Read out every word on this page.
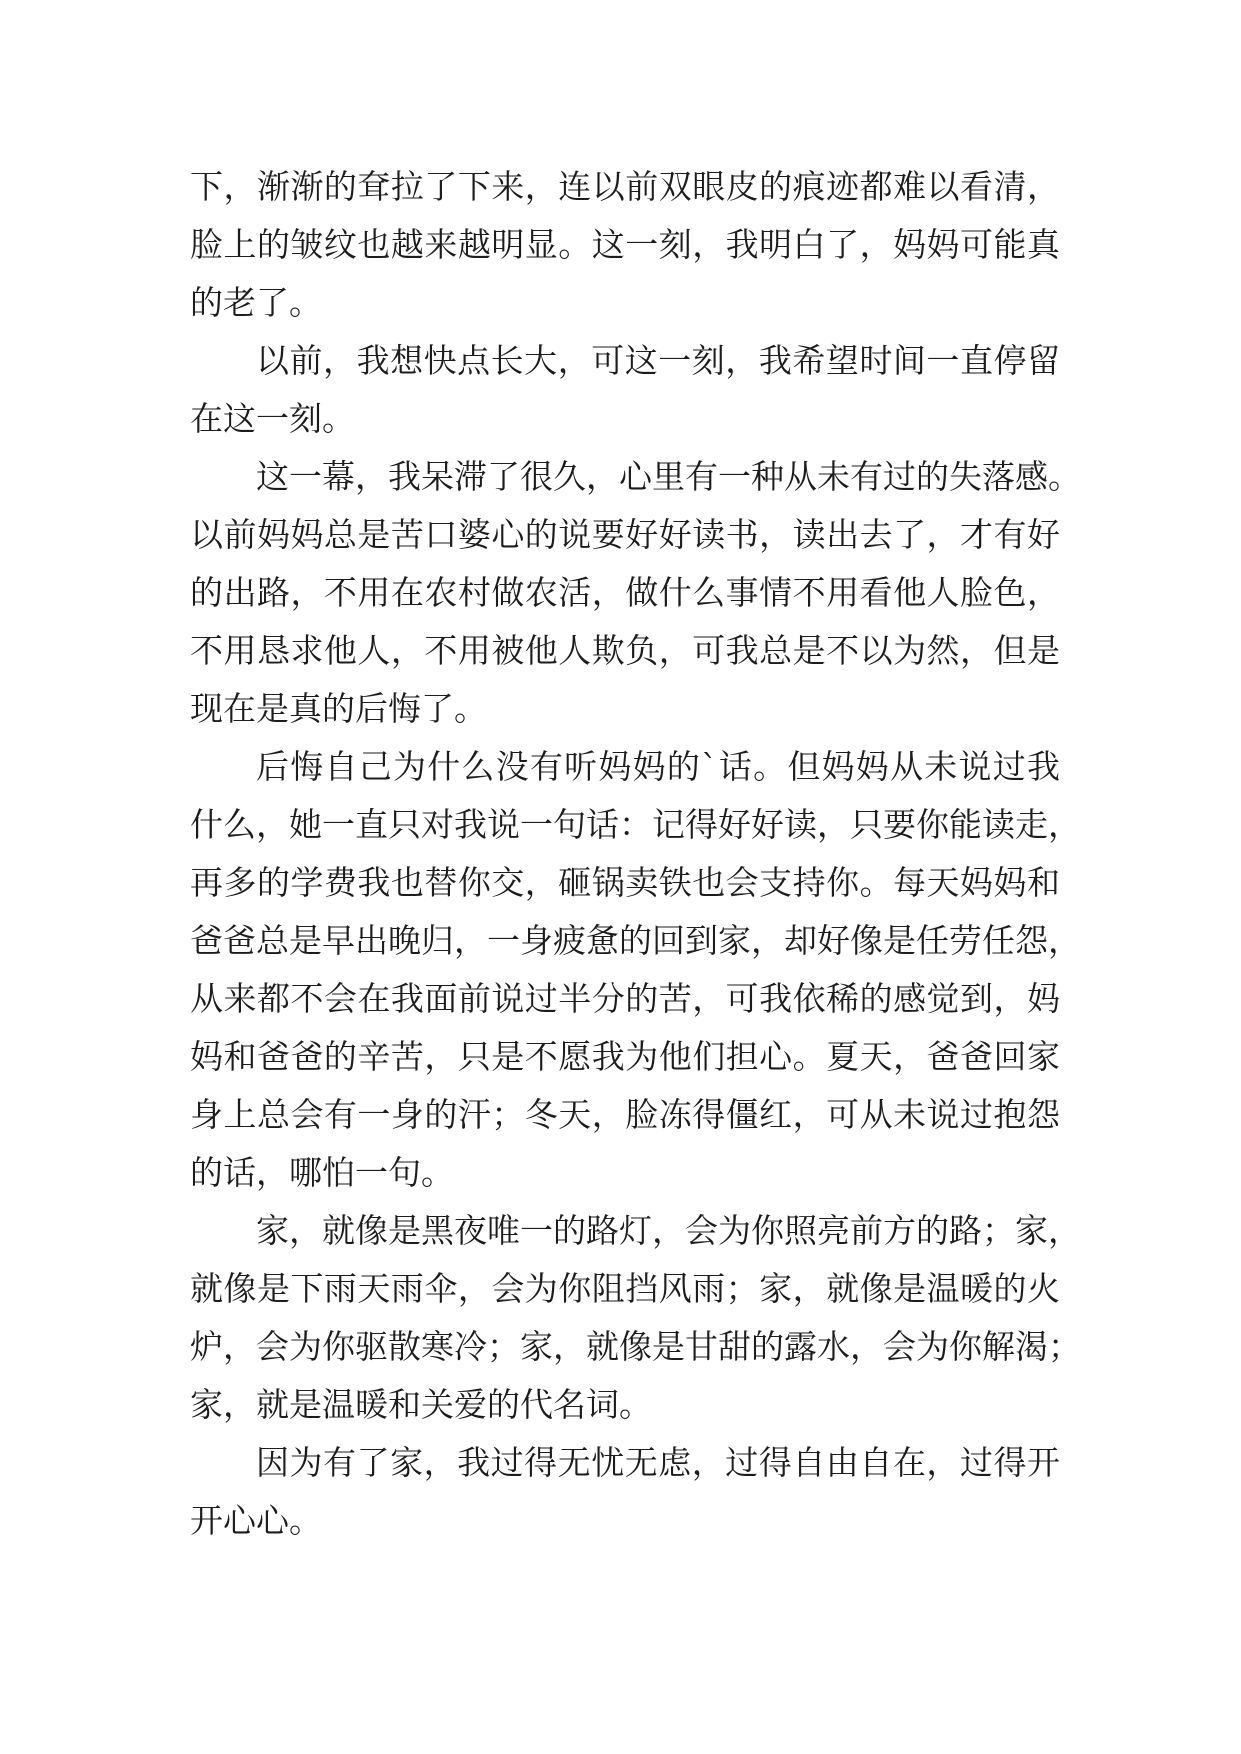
下，渐渐的耷拉了下来，连以前双眼皮的痕迹都难以看清，
脸上的皱纹也越来越明显。这一刻，我明白了，妈妈可能真
的老了。
以前，我想快点长大，可这一刻，我希望时间一直停留
在这一刻。
这一幕，我呆滞了很久，心里有一种从未有过的失落感。
以前妈妈总是苦口婆心的说要好好读书，读出去了，才有好
的出路，不用在农村做农活，做什么事情不用看他人脸色，
不用恳求他人，不用被他人欺负，可我总是不以为然，但是
现在是真的后悔了。
后悔自己为什么没有听妈妈的`话。但妈妈从未说过我
什么，她一直只对我说一句话：记得好好读，只要你能读走，
再多的学费我也替你交，砸锅卖铁也会支持你。每天妈妈和
爸爸总是早出晚归，一身疲惫的回到家，却好像是任劳任怨，
从来都不会在我面前说过半分的苦，可我依稀的感觉到，妈
妈和爸爸的辛苦，只是不愿我为他们担心。夏天，爸爸回家
身上总会有一身的汗；冬天，脸冻得僵红，可从未说过抱怨
的话，哪怕一句。
家，就像是黑夜唯一的路灯，会为你照亮前方的路；家，
就像是下雨天雨伞，会为你阻挡风雨；家，就像是温暖的火
炉，会为你驱散寒冷；家，就像是甘甜的露水，会为你解渴；
家，就是温暖和关爱的代名词。
因为有了家，我过得无忧无虑，过得自由自在，过得开
开心心。
